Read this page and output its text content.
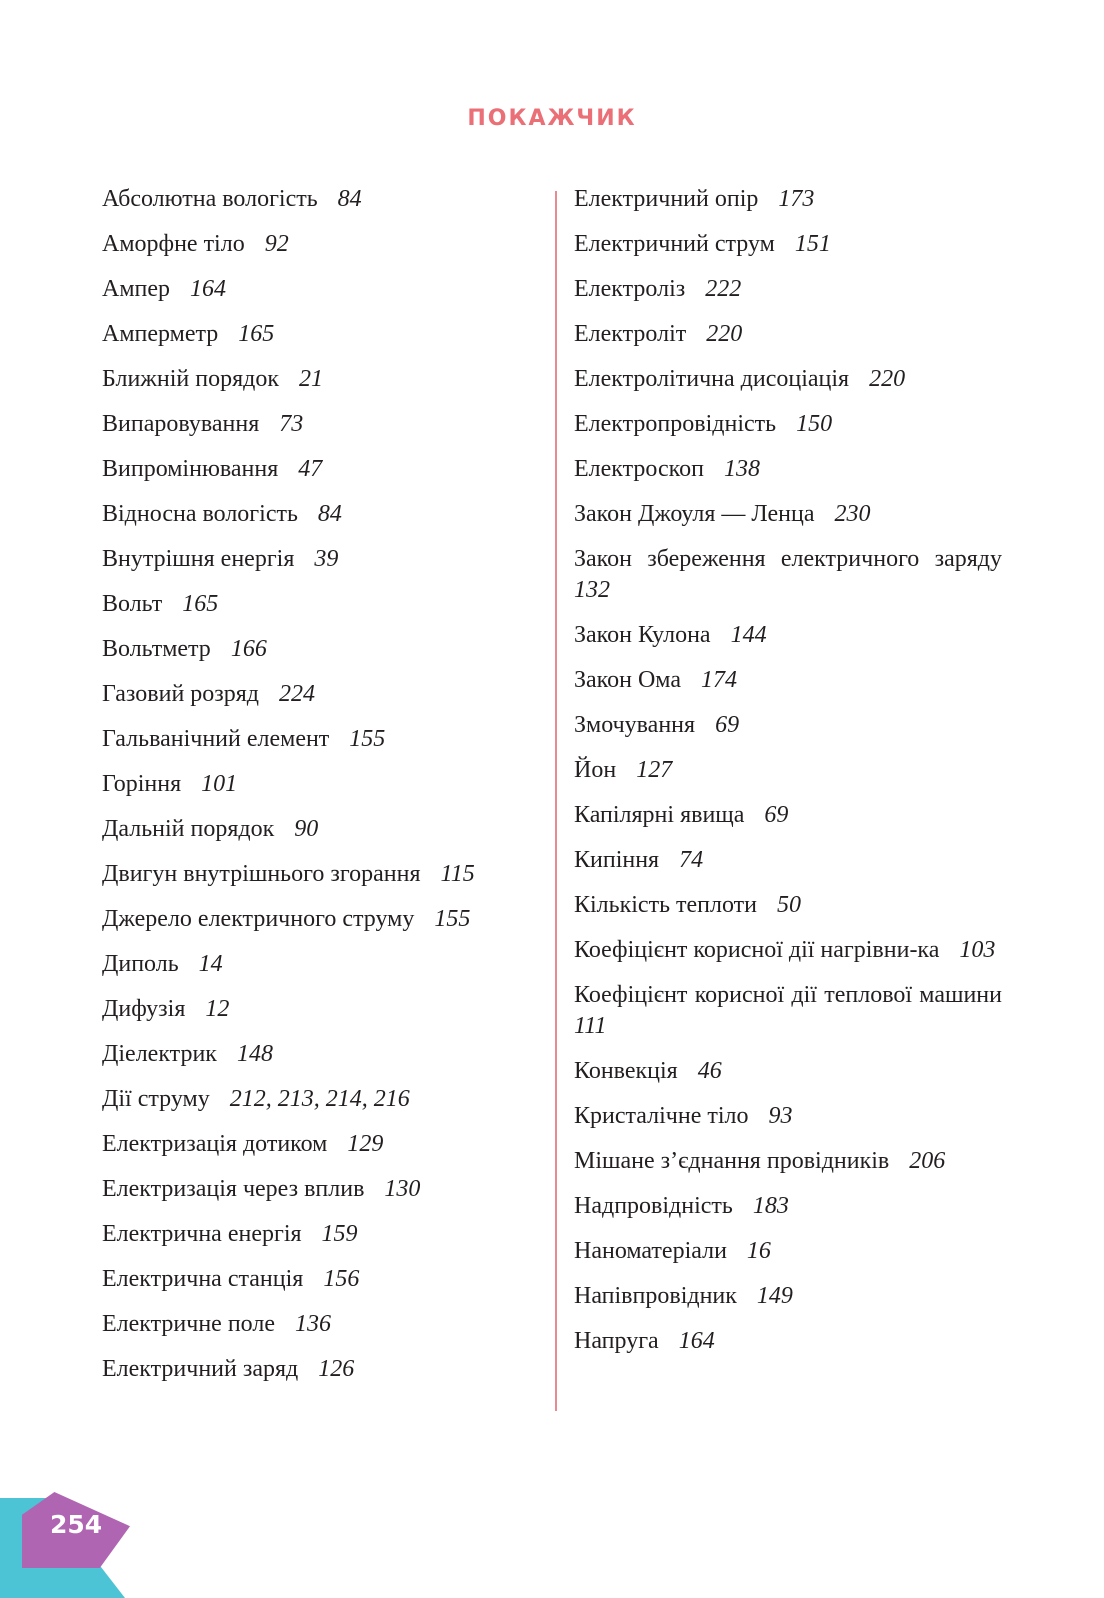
ПОКАЖЧИК
Абсолютна вологість 84
Аморфне тіло 92
Ампер 164
Амперметр 165
Ближній порядок 21
Випаровування 73
Випромінювання 47
Відносна вологість 84
Внутрішня енергія 39
Вольт 165
Вольтметр 166
Газовий розряд 224
Гальванічний елемент 155
Горіння 101
Дальній порядок 90
Двигун внутрішнього згорання 115
Джерело електричного струму 155
Диполь 14
Дифузія 12
Діелектрик 148
Дії струму 212, 213, 214, 216
Електризація дотиком 129
Електризація через вплив 130
Електрична енергія 159
Електрична станція 156
Електричне поле 136
Електричний заряд 126
Електричний опір 173
Електричний струм 151
Електроліз 222
Електроліт 220
Електролітична дисоціація 220
Електропровідність 150
Електроскоп 138
Закон Джоуля — Ленца 230
Закон збереження електричного заряду 132
Закон Кулона 144
Закон Ома 174
Змочування 69
Йон 127
Капілярні явища 69
Кипіння 74
Кількість теплоти 50
Коефіцієнт корисної дії нагрівни-ка 103
Коефіцієнт корисної дії теплової машини 111
Конвекція 46
Кристалічне тіло 93
Мішане з’єднання провідників 206
Надпровідність 183
Наноматеріали 16
Напівпровідник 149
Напруга 164
254
